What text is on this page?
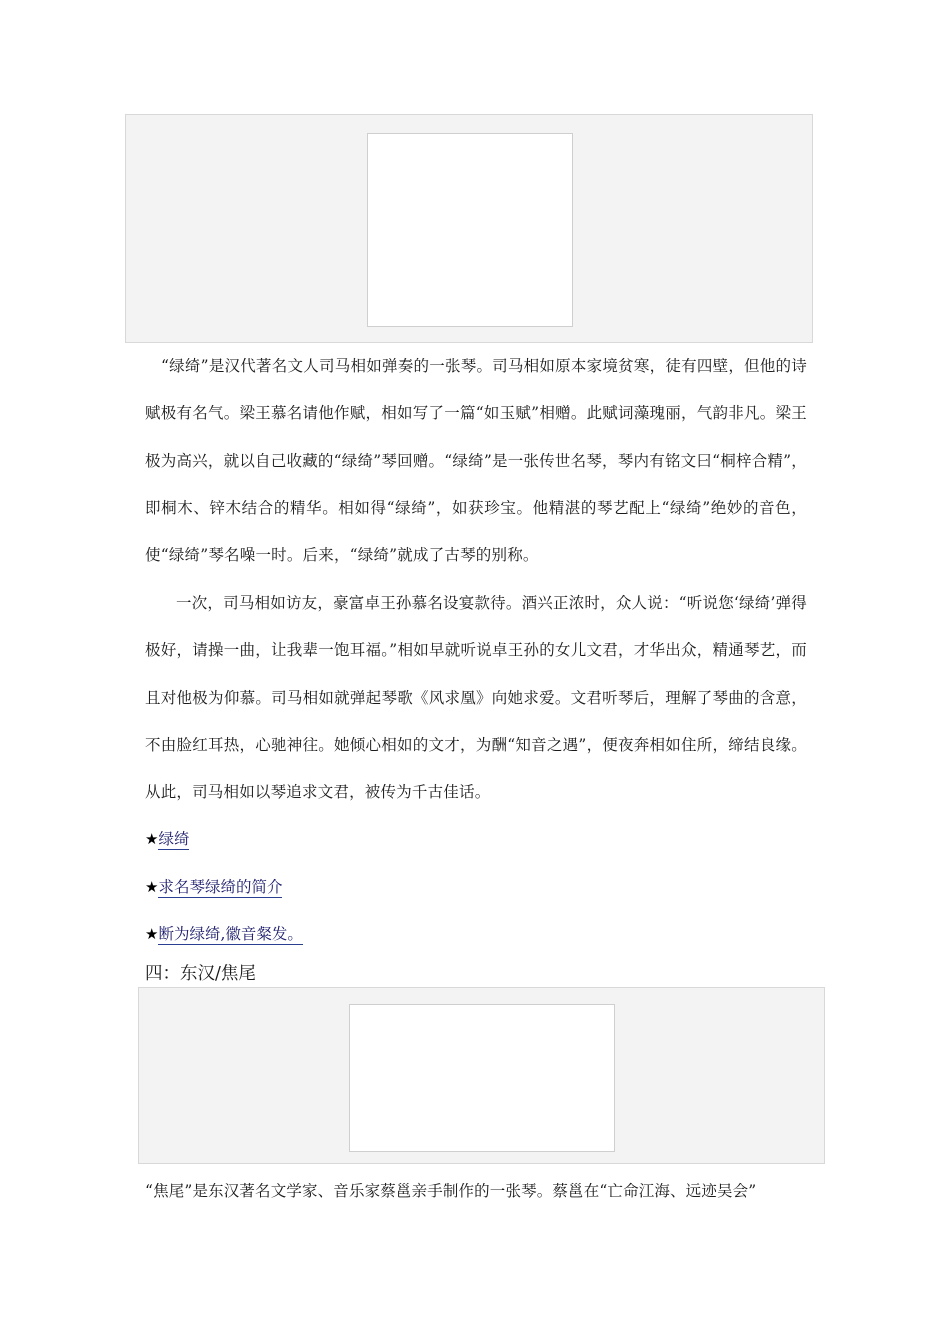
“绿绮”是汉代著名文人司马相如弹奏的一张琴。司马相如原本家境贫寒，徒有四壁，但他的诗赋极有名气。梁王慕名请他作赋，相如写了一篇“如玉赋”相赠。此赋词藻瑰丽，气韵非凡。梁王极为高兴，就以自己收藏的“绿绮”琴回赠。“绿绮”是一张传世名琴，琴内有铭文曰“桐梓合精”，即桐木、锌木结合的精华。相如得“绿绮”，如获珍宝。他精湛的琴艺配上“绿绮”绝妙的音色，使“绿绮”琴名噪一时。后来，“绿绮”就成了古琴的别称。

一次，司马相如访友，豪富卓王孙慕名设宴款待。酒兴正浓时，众人说：“听说您‘绿绮’弹得极好，请操一曲，让我辈一饱耳福。”相如早就听说卓王孙的女儿文君，才华出众，精通琴艺，而且对他极为仰慕。司马相如就弹起琴歌《风求凰》向她求爱。文君听琴后，理解了琴曲的含意，不由脸红耳热，心驰神往。她倾心相如的文才，为酬“知音之遇”，便夜奔相如住所，缔结良缘。从此，司马相如以琴追求文君，被传为千古佳话。

★绿绮

★求名琴绿绮的简介

★断为绿绮,徽音粲发。

四：东汉/焦尾

“焦尾”是东汉著名文学家、音乐家蔡邕亲手制作的一张琴。蔡邕在“亡命江海、远迹吴会”
